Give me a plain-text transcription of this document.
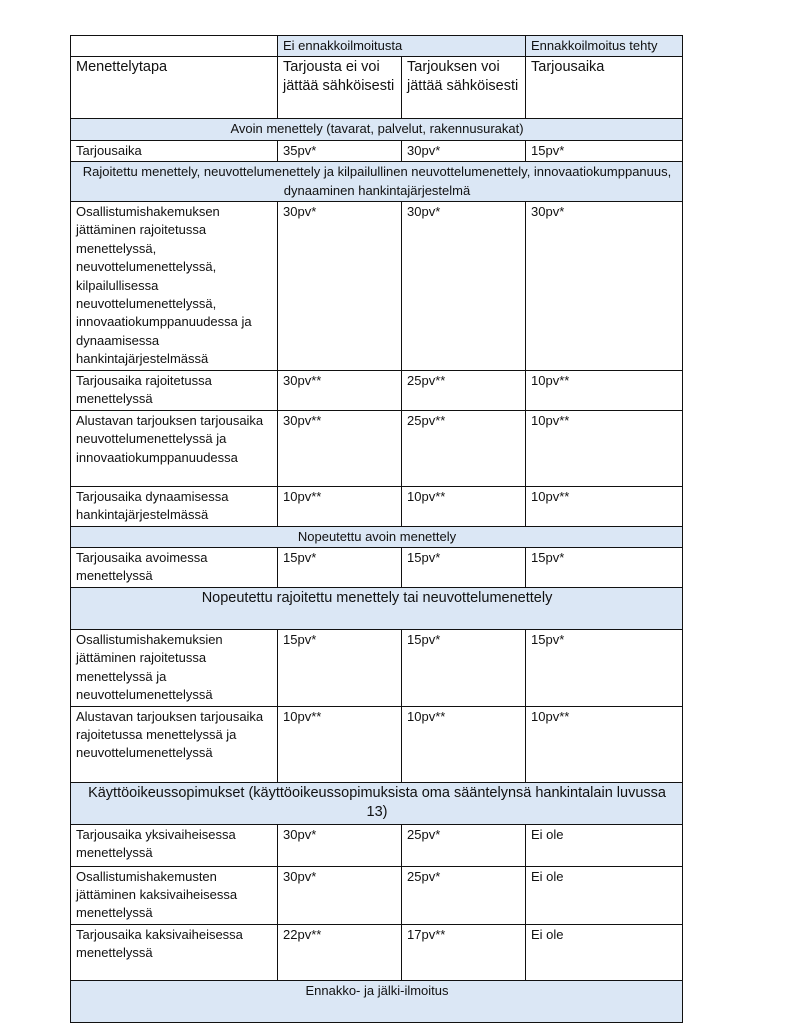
	Ei ennakkoilmoitusta		Ennakkoilmoitus tehty
Menettelytapa	Tarjousta ei voi jättää sähköisesti	Tarjouksen voi jättää sähköisesti	Tarjousaika
Avoin menettely (tavarat, palvelut, rakennusurakat)			
Tarjousaika	35pv*	30pv*	15pv*
Rajoitettu menettely, neuvottelumenettely ja kilpailullinen neuvottelumenettely, innovaatiokumppanuus, dynaaminen hankintajärjestelmä			
Osallistumishakemuksen jättäminen rajoitetussa menettelyssä, neuvottelumenettelyssä, kilpailullisessa neuvottelumenettelyssä, innovaatiokumppanuudessa ja dynaamisessa hankintajärjestelmässä	30pv*	30pv*	30pv*
Tarjousaika rajoitetussa menettelyssä	30pv**	25pv**	10pv**
Alustavan tarjouksen tarjousaika neuvottelumenettelyssä ja innovaatiokumppanuudessa	30pv**	25pv**	10pv**
Tarjousaika dynaamisessa hankintajärjestelmässä	10pv**	10pv**	10pv**
Nopeutettu avoin menettely			
Tarjousaika avoimessa menettelyssä	15pv*	15pv*	15pv*
Nopeutettu rajoitettu menettely tai neuvottelumenettely			
Osallistumishakemuksien jättäminen rajoitetussa menettelyssä ja neuvottelumenettelyssä	15pv*	15pv*	15pv*
Alustavan tarjouksen tarjousaika rajoitetussa menettelyssä ja neuvottelumenettelyssä	10pv**	10pv**	10pv**
Käyttöoikeussopimukset (käyttöoikeussopimuksista oma sääntelynsä hankintalain luvussa 13)			
Tarjousaika yksivaiheisessa menettelyssä	30pv*	25pv*	Ei ole
Osallistumishakemusten jättäminen kaksivaiheisessa menettelyssä	30pv*	25pv*	Ei ole
Tarjousaika kaksivaiheisessa menettelyssä	22pv**	17pv**	Ei ole
Ennakko- ja jälki-ilmoitus			
